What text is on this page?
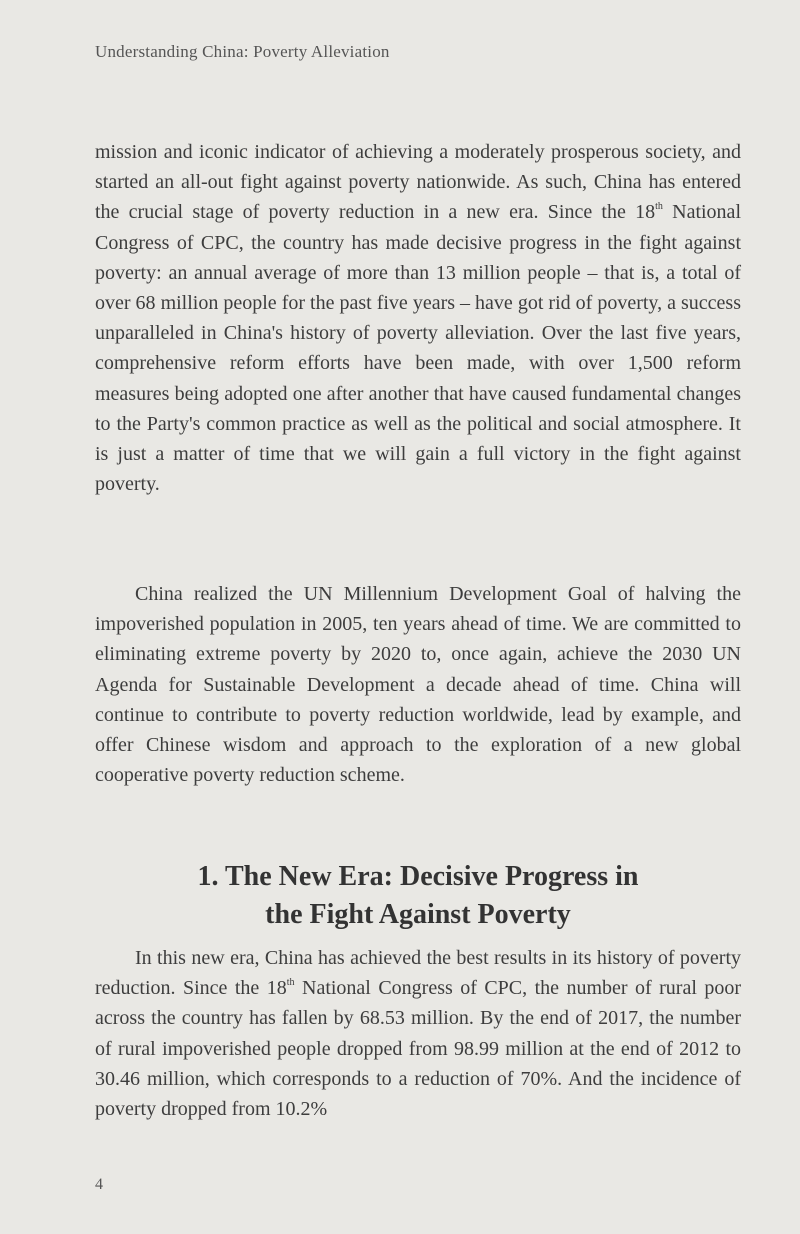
Understanding China: Poverty Alleviation

mission and iconic indicator of achieving a moderately prosperous society, and started an all-out fight against poverty nationwide. As such, China has entered the crucial stage of poverty reduction in a new era. Since the 18th National Congress of CPC, the country has made decisive progress in the fight against poverty: an annual average of more than 13 million people – that is, a total of over 68 million people for the past five years – have got rid of poverty, a success unparalleled in China's history of poverty alleviation. Over the last five years, comprehensive reform efforts have been made, with over 1,500 reform measures being adopted one after another that have caused fundamental changes to the Party's common practice as well as the political and social atmosphere. It is just a matter of time that we will gain a full victory in the fight against poverty.

China realized the UN Millennium Development Goal of halving the impoverished population in 2005, ten years ahead of time. We are committed to eliminating extreme poverty by 2020 to, once again, achieve the 2030 UN Agenda for Sustainable Development a decade ahead of time. China will continue to contribute to poverty reduction worldwide, lead by example, and offer Chinese wisdom and approach to the exploration of a new global cooperative poverty reduction scheme.

1. The New Era: Decisive Progress in
the Fight Against Poverty

In this new era, China has achieved the best results in its history of poverty reduction. Since the 18th National Congress of CPC, the number of rural poor across the country has fallen by 68.53 million. By the end of 2017, the number of rural impoverished people dropped from 98.99 million at the end of 2012 to 30.46 million, which corresponds to a reduction of 70%. And the incidence of poverty dropped from 10.2%

4
